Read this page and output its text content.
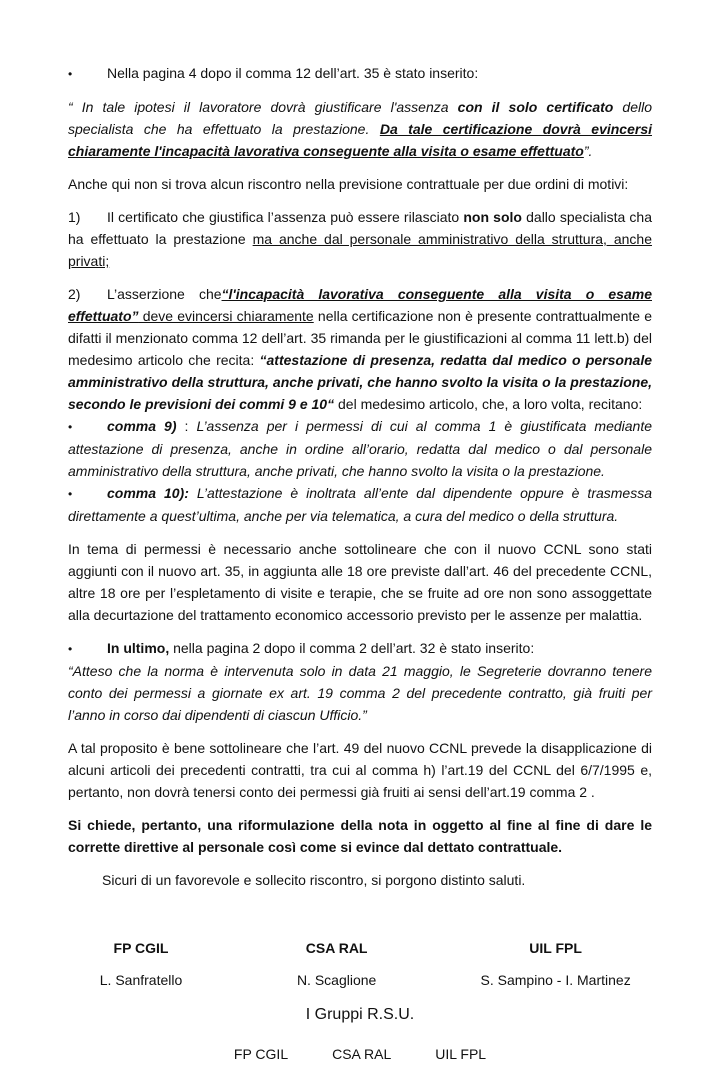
• Nella pagina 4 dopo il comma 12 dell’art. 35 è stato inserito:

“ In tale ipotesi il lavoratore dovrà giustificare l'assenza con il solo certificato dello specialista che ha effettuato la prestazione. Da tale certificazione dovrà evincersi chiaramente l'incapacità lavorativa conseguente alla visita o esame effettuato”.

Anche qui non si trova alcun riscontro nella previsione contrattuale per due ordini di motivi:

1) Il certificato che giustifica l’assenza può essere rilasciato non solo dallo specialista cha ha effettuato la prestazione ma anche dal personale amministrativo della struttura, anche privati;

2) L’asserzione che“l'incapacità lavorativa conseguente alla visita o esame effettuato” deve evincersi chiaramente nella certificazione non è presente contrattualmente e difatti il menzionato comma 12 dell’art. 35 rimanda per le giustificazioni al comma 11 lett.b) del medesimo articolo che recita: “attestazione di presenza, redatta dal medico o personale amministrativo della struttura, anche privati, che hanno svolto la visita o la prestazione, secondo le previsioni dei commi 9 e 10“ del medesimo articolo, che, a loro volta, recitano:

• comma 9) : L’assenza per i permessi di cui al comma 1 è giustificata mediante attestazione di presenza, anche in ordine all’orario, redatta dal medico o dal personale amministrativo della struttura, anche privati, che hanno svolto la visita o la prestazione.

• comma 10): L’attestazione è inoltrata all’ente dal dipendente oppure è trasmessa direttamente a quest’ultima, anche per via telematica, a cura del medico o della struttura.

In tema di permessi è necessario anche sottolineare che con il nuovo CCNL sono stati aggiunti con il nuovo art. 35, in aggiunta alle 18 ore previste dall’art. 46 del precedente CCNL, altre 18 ore per l’espletamento di visite e terapie, che se fruite ad ore non sono assoggettate alla decurtazione del trattamento economico accessorio previsto per le assenze per malattia.

• In ultimo, nella pagina 2 dopo il comma 2 dell’art. 32 è stato inserito:

“Atteso che la norma è intervenuta solo in data 21 maggio, le Segreterie dovranno tenere conto dei permessi a giornate ex art. 19 comma 2 del precedente contratto, già fruiti per l’anno in corso dai dipendenti di ciascun Ufficio.”

A tal proposito è bene sottolineare che l’art. 49 del nuovo CCNL prevede la disapplicazione di alcuni articoli dei precedenti contratti, tra cui al comma h) l’art.19 del CCNL del 6/7/1995 e, pertanto, non dovrà tenersi conto dei permessi già fruiti ai sensi dell’art.19 comma 2 .

Si chiede, pertanto, una riformulazione della nota in oggetto al fine al fine di dare le corrette direttive al personale così come si evince dal dettato contrattuale.

Sicuri di un favorevole e sollecito riscontro, si porgono distinto saluti.

FP CGIL	CSA RAL	UIL FPL
L. Sanfratello	N. Scaglione	S. Sampino - I. Martinez
I Gruppi R.S.U.
FP CGIL	CSA RAL	UIL FPL
